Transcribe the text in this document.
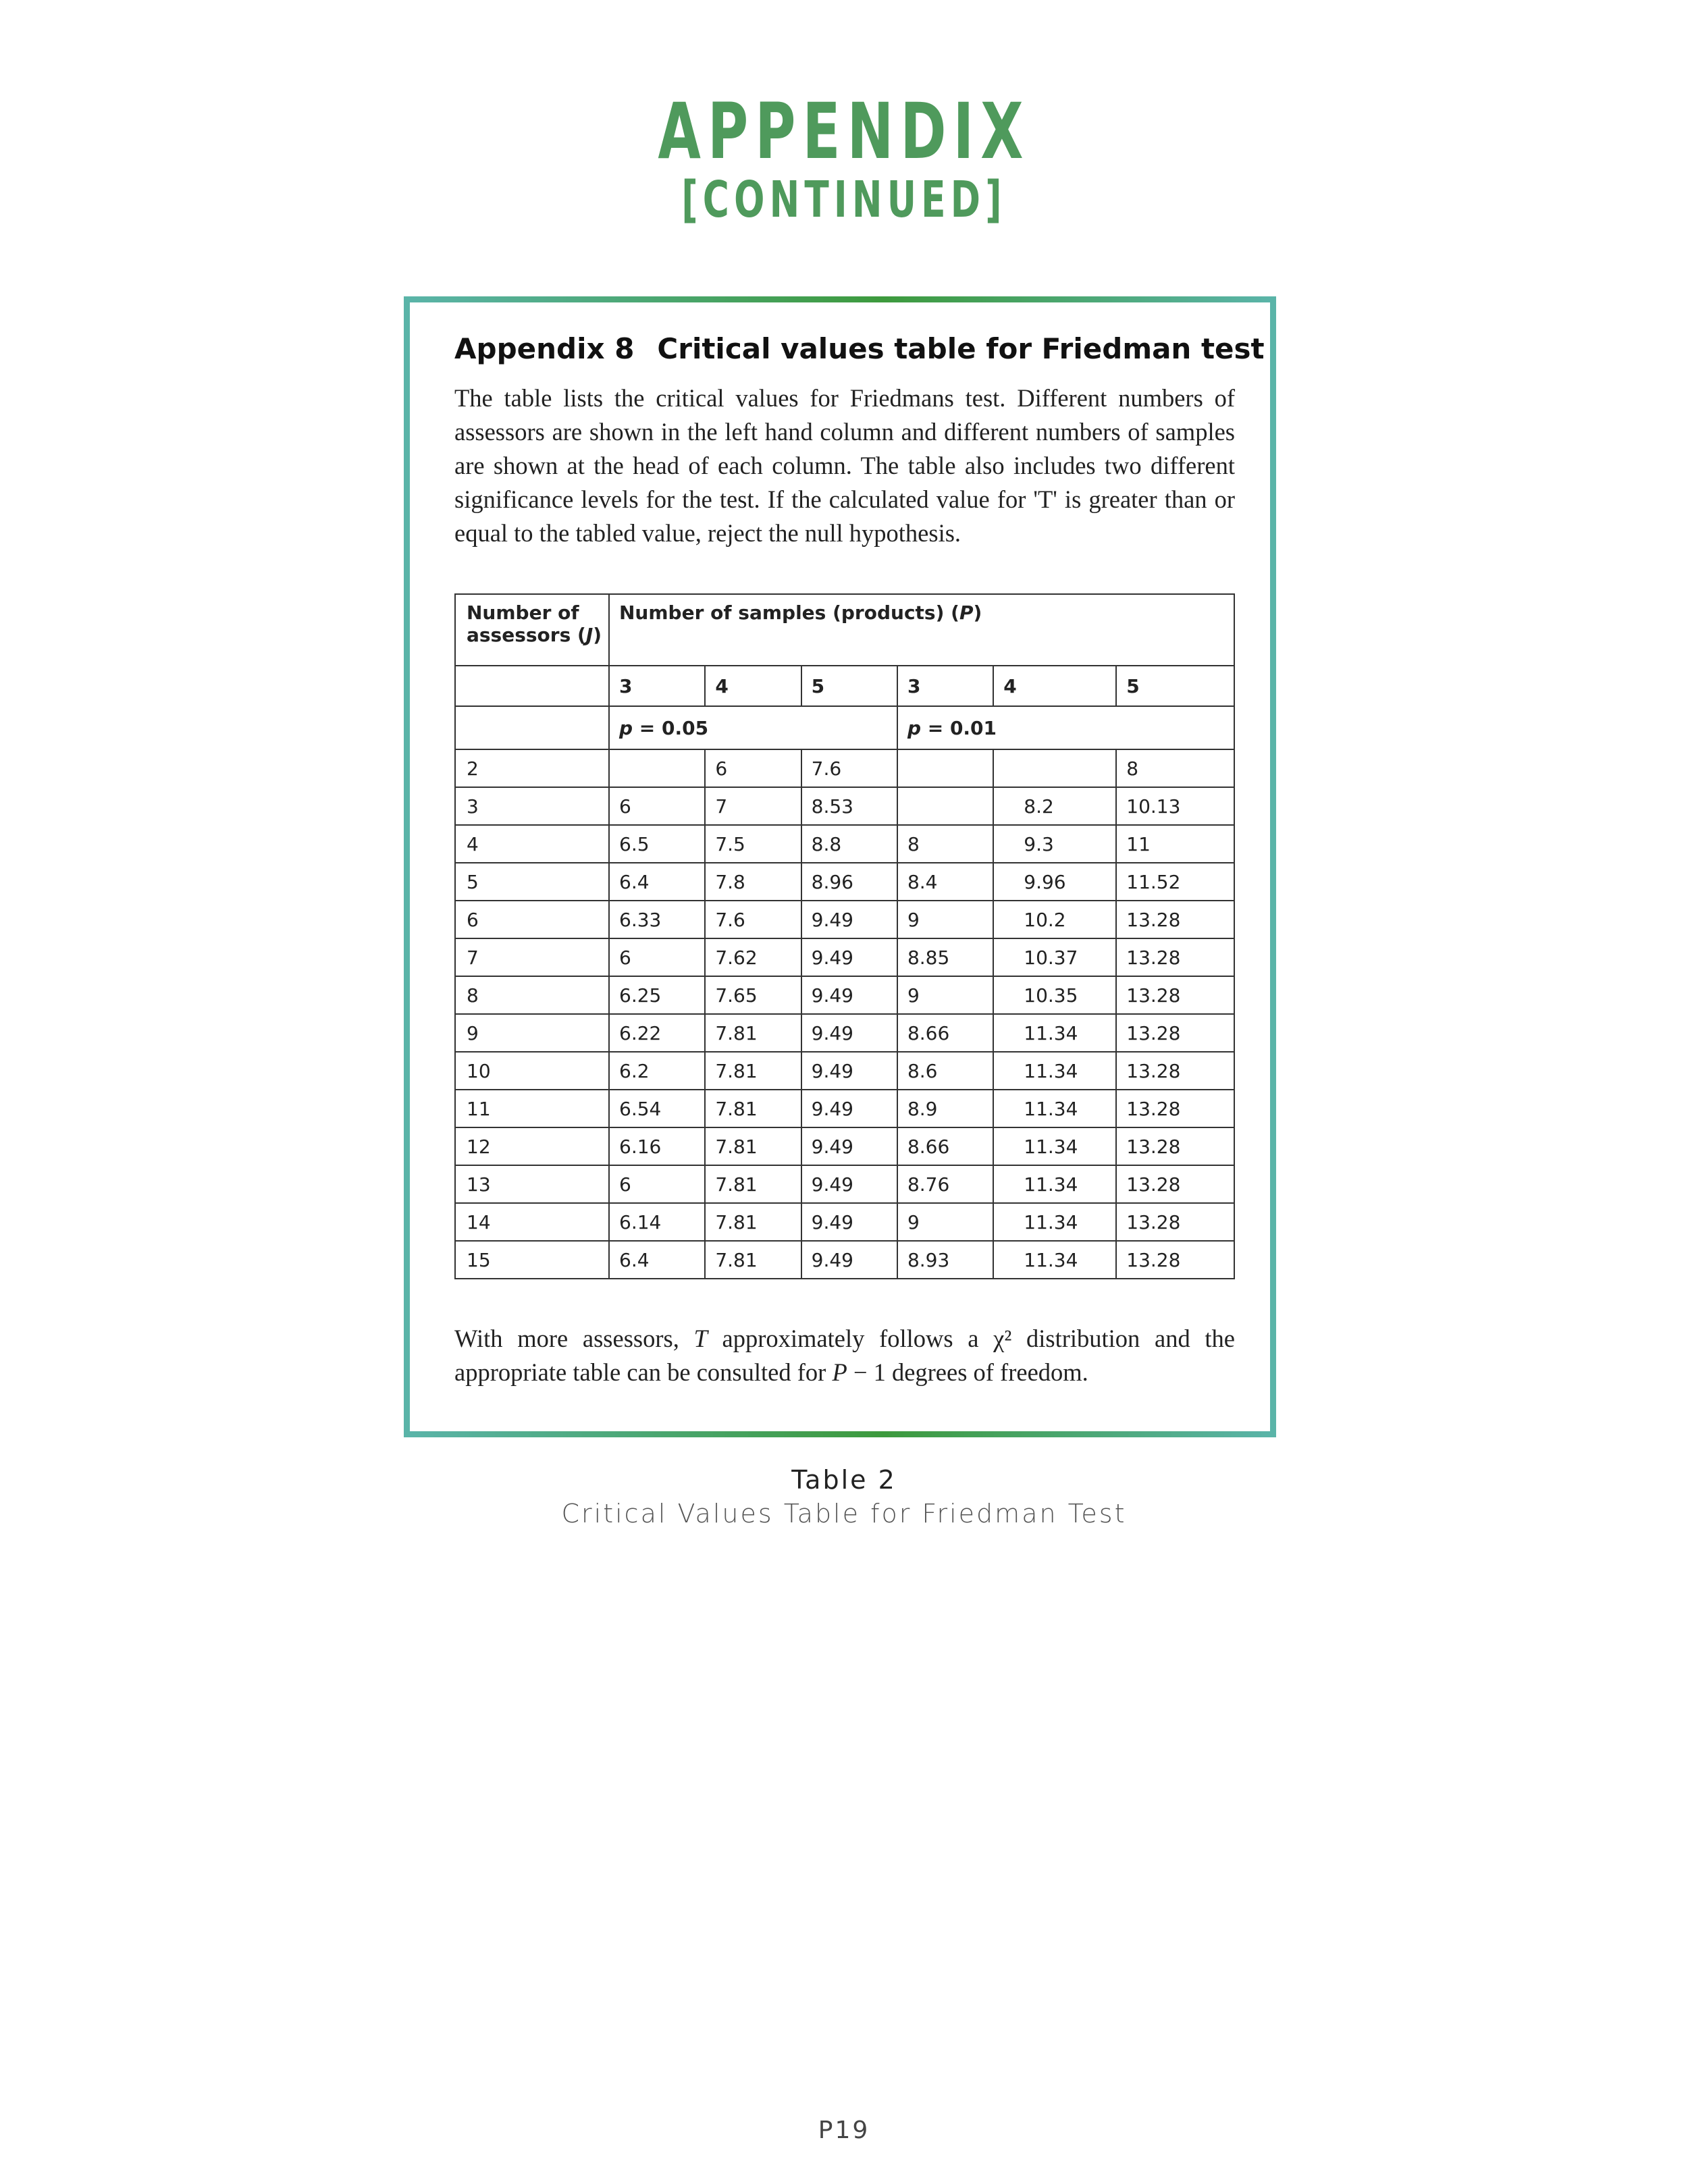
APPENDIX
[CONTINUED]
Appendix 8 Critical values table for Friedman test
The table lists the critical values for Friedmans test. Different numbers of assessors are shown in the left hand column and different numbers of samples are shown at the head of each column. The table also includes two different significance levels for the test. If the calculated value for 'T' is greater than or equal to the tabled value, reject the null hypothesis.
Number of
assessors (J)	Number of samples (products) (P)					
	3	4	5	3	4	5
	p = 0.05			p = 0.01		
2		6	7.6			8
3	6	7	8.53		8.2	10.13
4	6.5	7.5	8.8	8	9.3	11
5	6.4	7.8	8.96	8.4	9.96	11.52
6	6.33	7.6	9.49	9	10.2	13.28
7	6	7.62	9.49	8.85	10.37	13.28
8	6.25	7.65	9.49	9	10.35	13.28
9	6.22	7.81	9.49	8.66	11.34	13.28
10	6.2	7.81	9.49	8.6	11.34	13.28
11	6.54	7.81	9.49	8.9	11.34	13.28
12	6.16	7.81	9.49	8.66	11.34	13.28
13	6	7.81	9.49	8.76	11.34	13.28
14	6.14	7.81	9.49	9	11.34	13.28
15	6.4	7.81	9.49	8.93	11.34	13.28
With more assessors, T approximately follows a χ² distribution and the appropriate table can be consulted for P − 1 degrees of freedom.
Table 2
Critical Values Table for Friedman Test
P19
